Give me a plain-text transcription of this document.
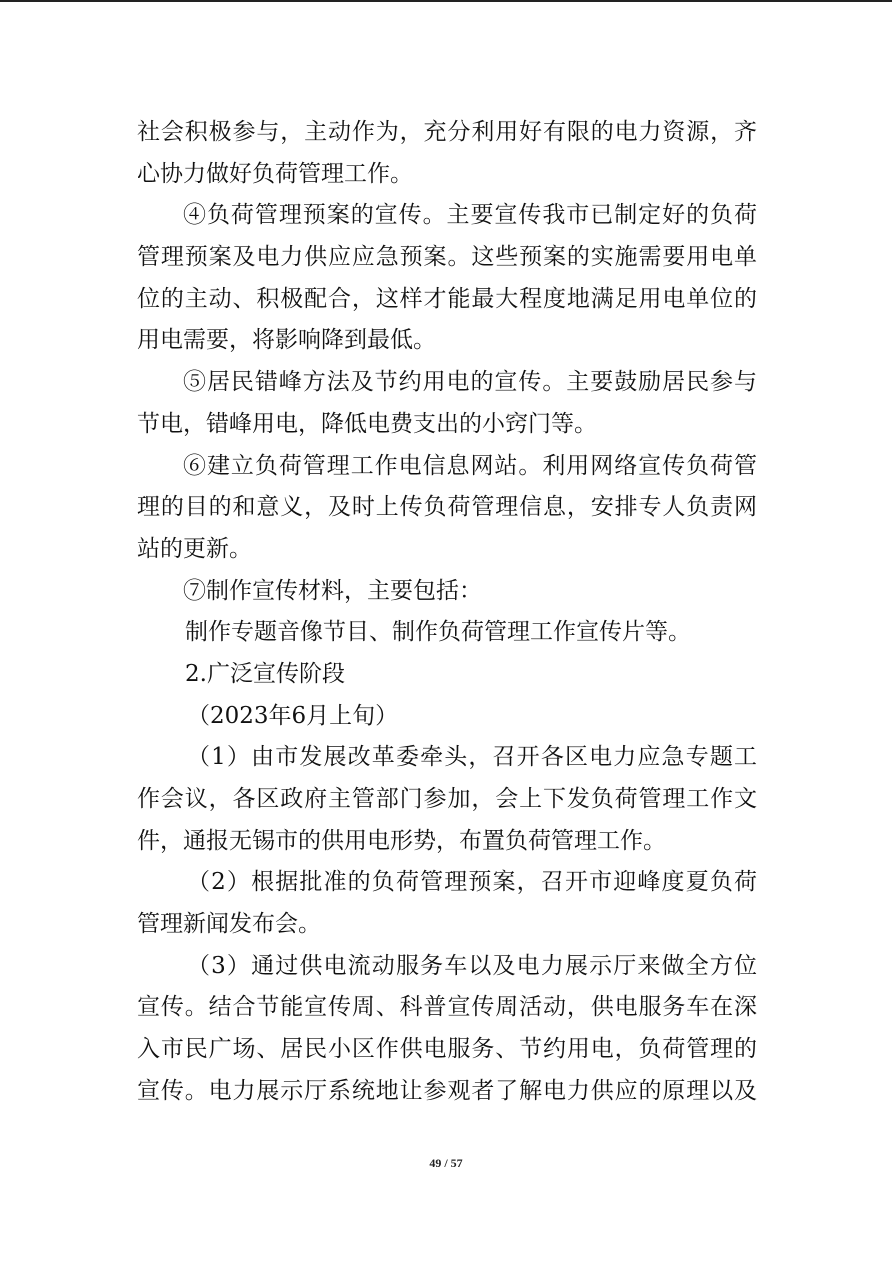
社会积极参与，主动作为，充分利用好有限的电力资源，齐
心协力做好负荷管理工作。
④负荷管理预案的宣传。主要宣传我市已制定好的负荷
管理预案及电力供应应急预案。这些预案的实施需要用电单
位的主动、积极配合，这样才能最大程度地满足用电单位的
用电需要，将影响降到最低。
⑤居民错峰方法及节约用电的宣传。主要鼓励居民参与
节电，错峰用电，降低电费支出的小窍门等。
⑥建立负荷管理工作电信息网站。利用网络宣传负荷管
理的目的和意义，及时上传负荷管理信息，安排专人负责网
站的更新。
⑦制作宣传材料，主要包括：
制作专题音像节目、制作负荷管理工作宣传片等。
2.广泛宣传阶段
（2023年6月上旬）
（1）由市发展改革委牵头，召开各区电力应急专题工
作会议，各区政府主管部门参加，会上下发负荷管理工作文
件，通报无锡市的供用电形势，布置负荷管理工作。
（2）根据批准的负荷管理预案，召开市迎峰度夏负荷
管理新闻发布会。
（3）通过供电流动服务车以及电力展示厅来做全方位
宣传。结合节能宣传周、科普宣传周活动，供电服务车在深
入市民广场、居民小区作供电服务、节约用电，负荷管理的
宣传。电力展示厅系统地让参观者了解电力供应的原理以及
49 / 57
